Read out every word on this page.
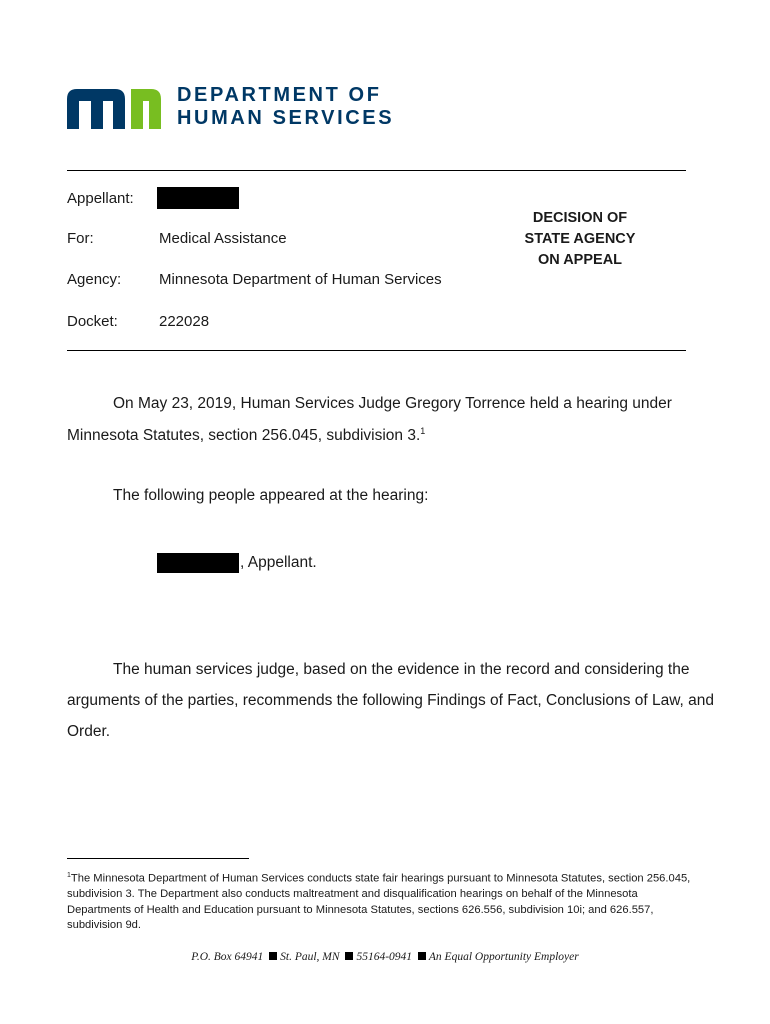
DEPARTMENT OF
HUMAN SERVICES
Appellant:
For:	Medical Assistance
Agency:	Minnesota Department of Human Services
Docket:	222028
DECISION OF
STATE AGENCY
ON APPEAL
On May 23, 2019, Human Services Judge Gregory Torrence held a hearing under
Minnesota Statutes, section 256.045, subdivision 3.$^1$
The following people appeared at the hearing:
, Appellant.
The human services judge, based on the evidence in the record and considering the
arguments of the parties, recommends the following Findings of Fact, Conclusions of Law, and
Order.
$^1$The Minnesota Department of Human Services conducts state fair hearings pursuant to Minnesota Statutes, section 256.045, subdivision 3. The Department also conducts maltreatment and disqualification hearings on behalf of the Minnesota Departments of Health and Education pursuant to Minnesota Statutes, sections 626.556, subdivision 10i; and 626.557, subdivision 9d.
P.O. Box 64941 St. Paul, MN 55164-0941 An Equal Opportunity Employer
